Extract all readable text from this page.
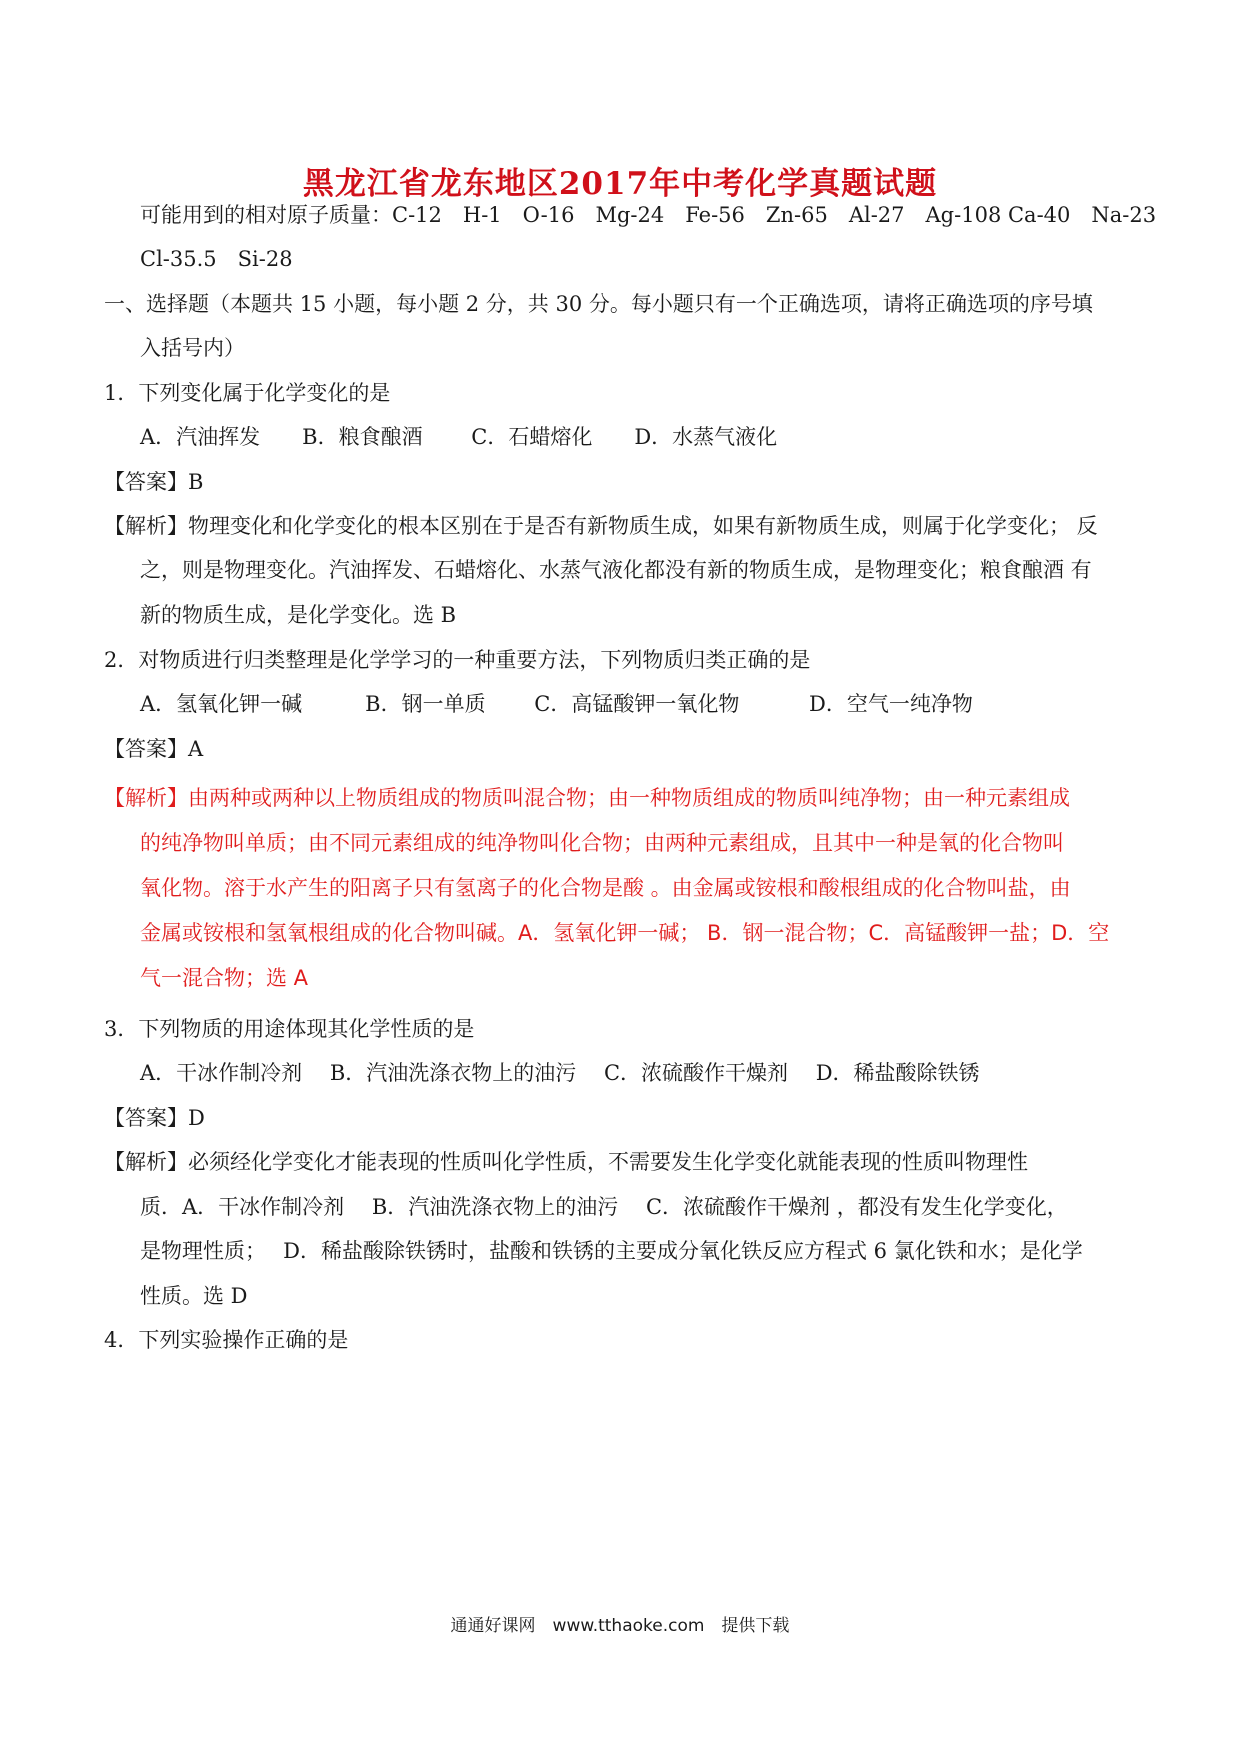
黑龙江省龙东地区2017年中考化学真题试题
可能用到的相对原子质量：C-12　H-1　O-16　Mg-24　Fe-56　Zn-65　Al-27　Ag-108 Ca-40　Na-23
Cl-35.5　Si-28
一、选择题（本题共 15 小题，每小题 2 分，共 30 分。每小题只有一个正确选项，请将正确选项的序号填
入括号内）
1．下列变化属于化学变化的是
A．汽油挥发　　B．粮食酿酒　　 C．石蜡熔化　　D．水蒸气液化
【答案】B
【解析】物理变化和化学变化的根本区别在于是否有新物质生成，如果有新物质生成，则属于化学变化； 反
之，则是物理变化。汽油挥发、石蜡熔化、水蒸气液化都没有新的物质生成，是物理变化；粮食酿酒 有
新的物质生成，是化学变化。选 B
2．对物质进行归类整理是化学学习的一种重要方法，下列物质归类正确的是
A．氢氧化钾一碱　　　B．钢一单质　　 C．高锰酸钾一氧化物　　　 D．空气一纯净物
【答案】A
【解析】由两种或两种以上物质组成的物质叫混合物；由一种物质组成的物质叫纯净物；由一种元素组成
的纯净物叫单质；由不同元素组成的纯净物叫化合物；由两种元素组成，且其中一种是氧的化合物叫
氧化物。溶于水产生的阳离子只有氢离子的化合物是酸 。由金属或铵根和酸根组成的化合物叫盐，由
金属或铵根和氢氧根组成的化合物叫碱。A．氢氧化钾一碱； B．钢一混合物；C．高锰酸钾一盐；D．空
气一混合物；选 A
3．下列物质的用途体现其化学性质的是
A．干冰作制冷剂　 B．汽油洗涤衣物上的油污　 C．浓硫酸作干燥剂　 D．稀盐酸除铁锈
【答案】D
【解析】必须经化学变化才能表现的性质叫化学性质，不需要发生化学变化就能表现的性质叫物理性
质．A．干冰作制冷剂　 B．汽油洗涤衣物上的油污　 C．浓硫酸作干燥剂 ，都没有发生化学变化，
是物理性质；　 D．稀盐酸除铁锈时，盐酸和铁锈的主要成分氧化铁反应方程式 6 氯化铁和水；是化学
性质。选 D
4．下列实验操作正确的是
通通好课网　www.tthaoke.com　提供下载
